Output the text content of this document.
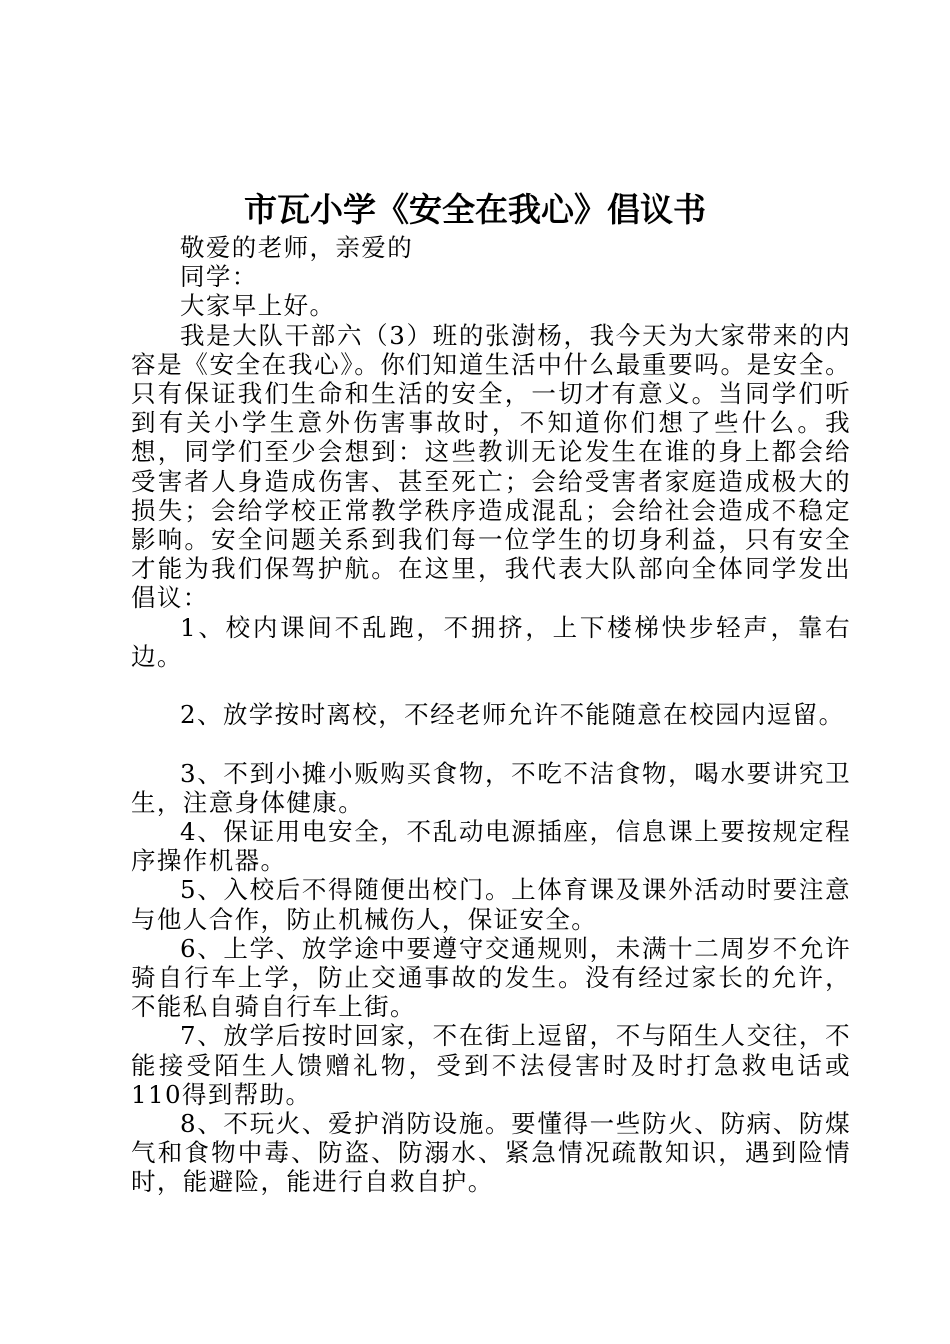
市瓦小学《安全在我心》倡议书

敬爱的老师，亲爱的

同学：

大家早上好。

我是大队干部六（3）班的张澍杨，我今天为大家带来的内容是《安全在我心》。你们知道生活中什么最重要吗。是安全。只有保证我们生命和生活的安全，一切才有意义。当同学们听到有关小学生意外伤害事故时，不知道你们想了些什么。我想，同学们至少会想到：这些教训无论发生在谁的身上都会给受害者人身造成伤害、甚至死亡；会给受害者家庭造成极大的损失；会给学校正常教学秩序造成混乱；会给社会造成不稳定影响。安全问题关系到我们每一位学生的切身利益，只有安全才能为我们保驾护航。在这里，我代表大队部向全体同学发出倡议：

1、校内课间不乱跑，不拥挤，上下楼梯快步轻声，靠右边。

2、放学按时离校，不经老师允许不能随意在校园内逗留。

3、不到小摊小贩购买食物，不吃不洁食物，喝水要讲究卫生，注意身体健康。

4、保证用电安全，不乱动电源插座，信息课上要按规定程序操作机器。

5、入校后不得随便出校门。上体育课及课外活动时要注意与他人合作，防止机械伤人，保证安全。

6、上学、放学途中要遵守交通规则，未满十二周岁不允许骑自行车上学，防止交通事故的发生。没有经过家长的允许，不能私自骑自行车上街。

7、放学后按时回家，不在街上逗留，不与陌生人交往，不能接受陌生人馈赠礼物，受到不法侵害时及时打急救电话或110得到帮助。

8、不玩火、爱护消防设施。要懂得一些防火、防病、防煤气和食物中毒、防盗、防溺水、紧急情况疏散知识，遇到险情时，能避险，能进行自救自护。
